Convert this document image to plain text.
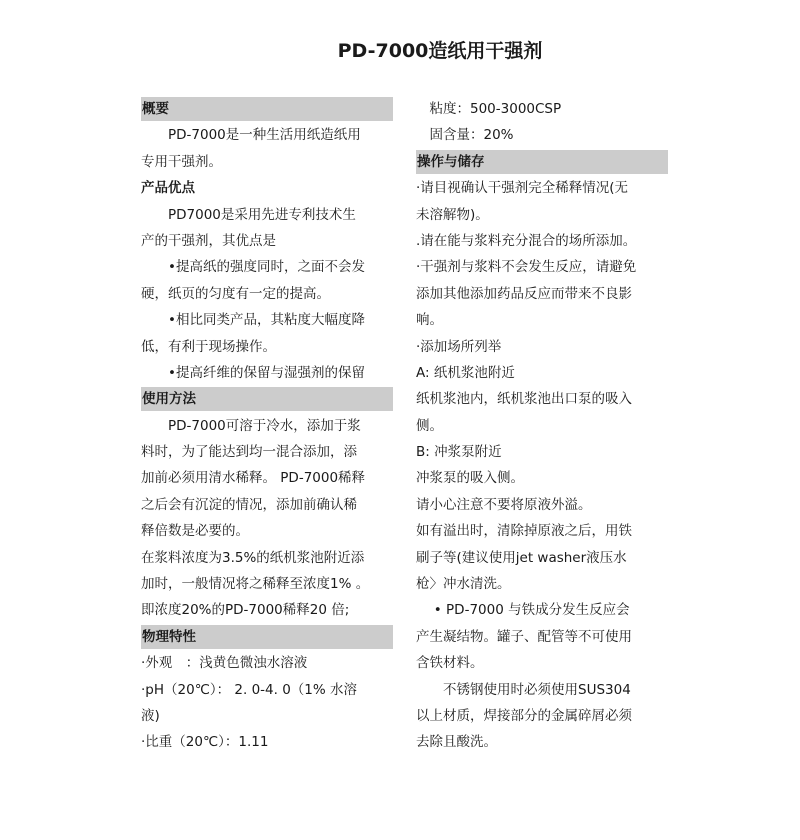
PD-7000造纸用干强剂
概要
　　PD-7000是一种生活用纸造纸用
专用干强剂。
产品优点
　　PD7000是采用先进专利技术生
产的干强剂，其优点是
　　•提高纸的强度同时，之面不会发
硬，纸页的匀度有一定的提高。
　　•相比同类产品，其粘度大幅度降
低，有利于现场操作。
　　•提高纤维的保留与湿强剂的保留
使用方法
　　PD-7000可溶于冷水，添加于浆
料时，为了能达到均一混合添加，添
加前必须用清水稀释。 PD-7000稀释
之后会有沉淀的情况，添加前确认稀
释倍数是必要的。
在浆料浓度为3.5%的纸机浆池附近添
加时，一般情况将之稀释至浓度1% 。
即浓度20%的PD-7000稀释20 倍;
物理特性
·外观　：浅黄色微浊水溶液
·pH（20℃）： 2. 0-4. 0（1% 水溶
液)
·比重（20℃）：1.11
　粘度：500-3000CSP
　固含量：20%
操作与储存
·请目视确认干强剂完全稀释情况(无
未溶解物)。
.请在能与浆料充分混合的场所添加。
·干强剂与浆料不会发生反应，请避免
添加其他添加药品反应而带来不良影
响。
·添加场所列举
A: 纸机浆池附近
纸机浆池内，纸机浆池出口泵的吸入
侧。
B: 冲浆泵附近
冲浆泵的吸入侧。
请小心注意不要将原液外溢。
如有溢出时，清除掉原液之后，用铁
刷子等(建议使用jet washer液压水
枪〉冲水清洗。
　 • PD-7000 与铁成分发生反应会
产生凝结物。罐子、配管等不可使用
含铁材料。
　　不锈钢使用时必须使用SUS304
以上材质，焊接部分的金属碎屑必须
去除且酸洗。
